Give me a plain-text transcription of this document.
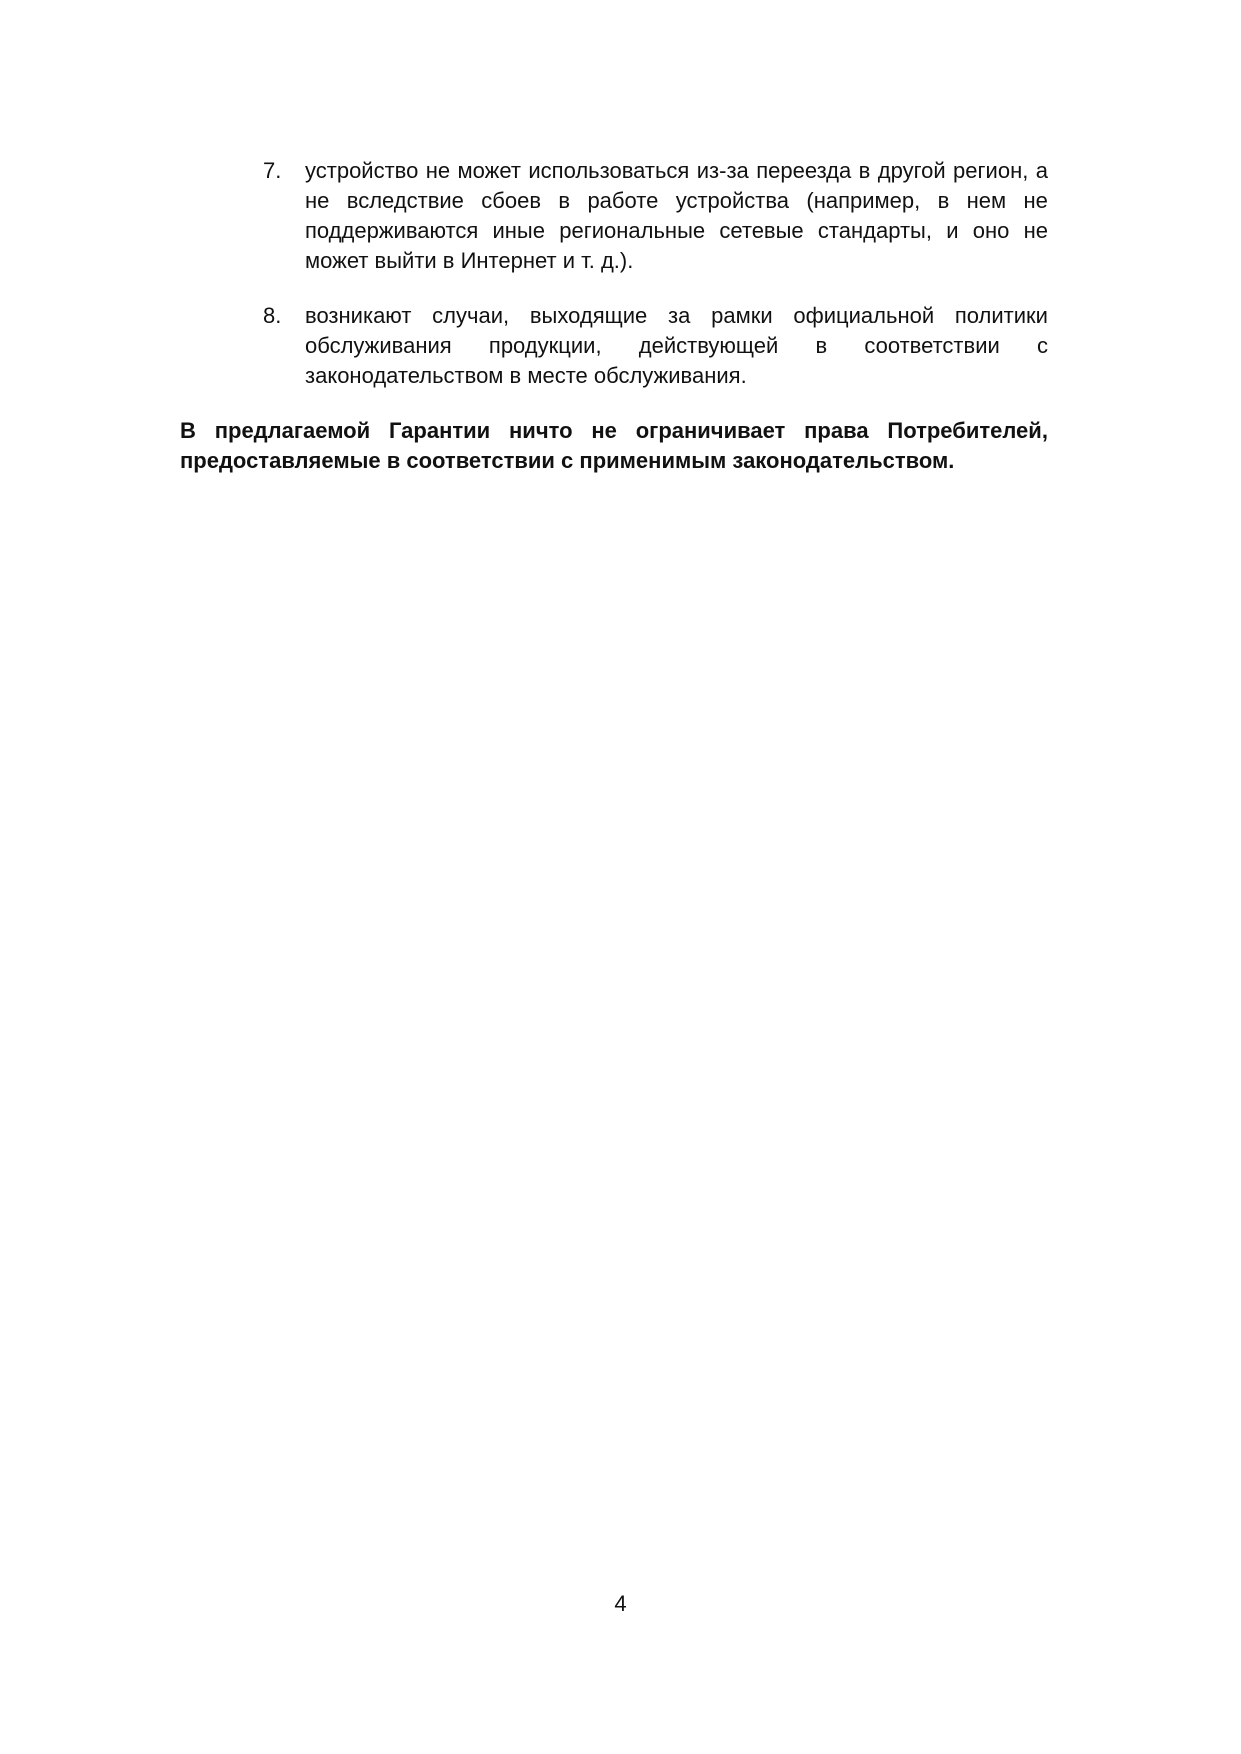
7.	устройство не может использоваться из-за переезда в другой регион, а
не вследствие сбоев в работе устройства (например, в нем не
поддерживаются иные региональные сетевые стандарты, и оно не
может выйти в Интернет и т. д.).
8.	возникают случаи, выходящие за рамки официальной политики
обслуживания продукции, действующей в соответствии с
законодательством в месте обслуживания.
В предлагаемой Гарантии ничто не ограничивает права Потребителей,
предоставляемые в соответствии с применимым законодательством.
4
